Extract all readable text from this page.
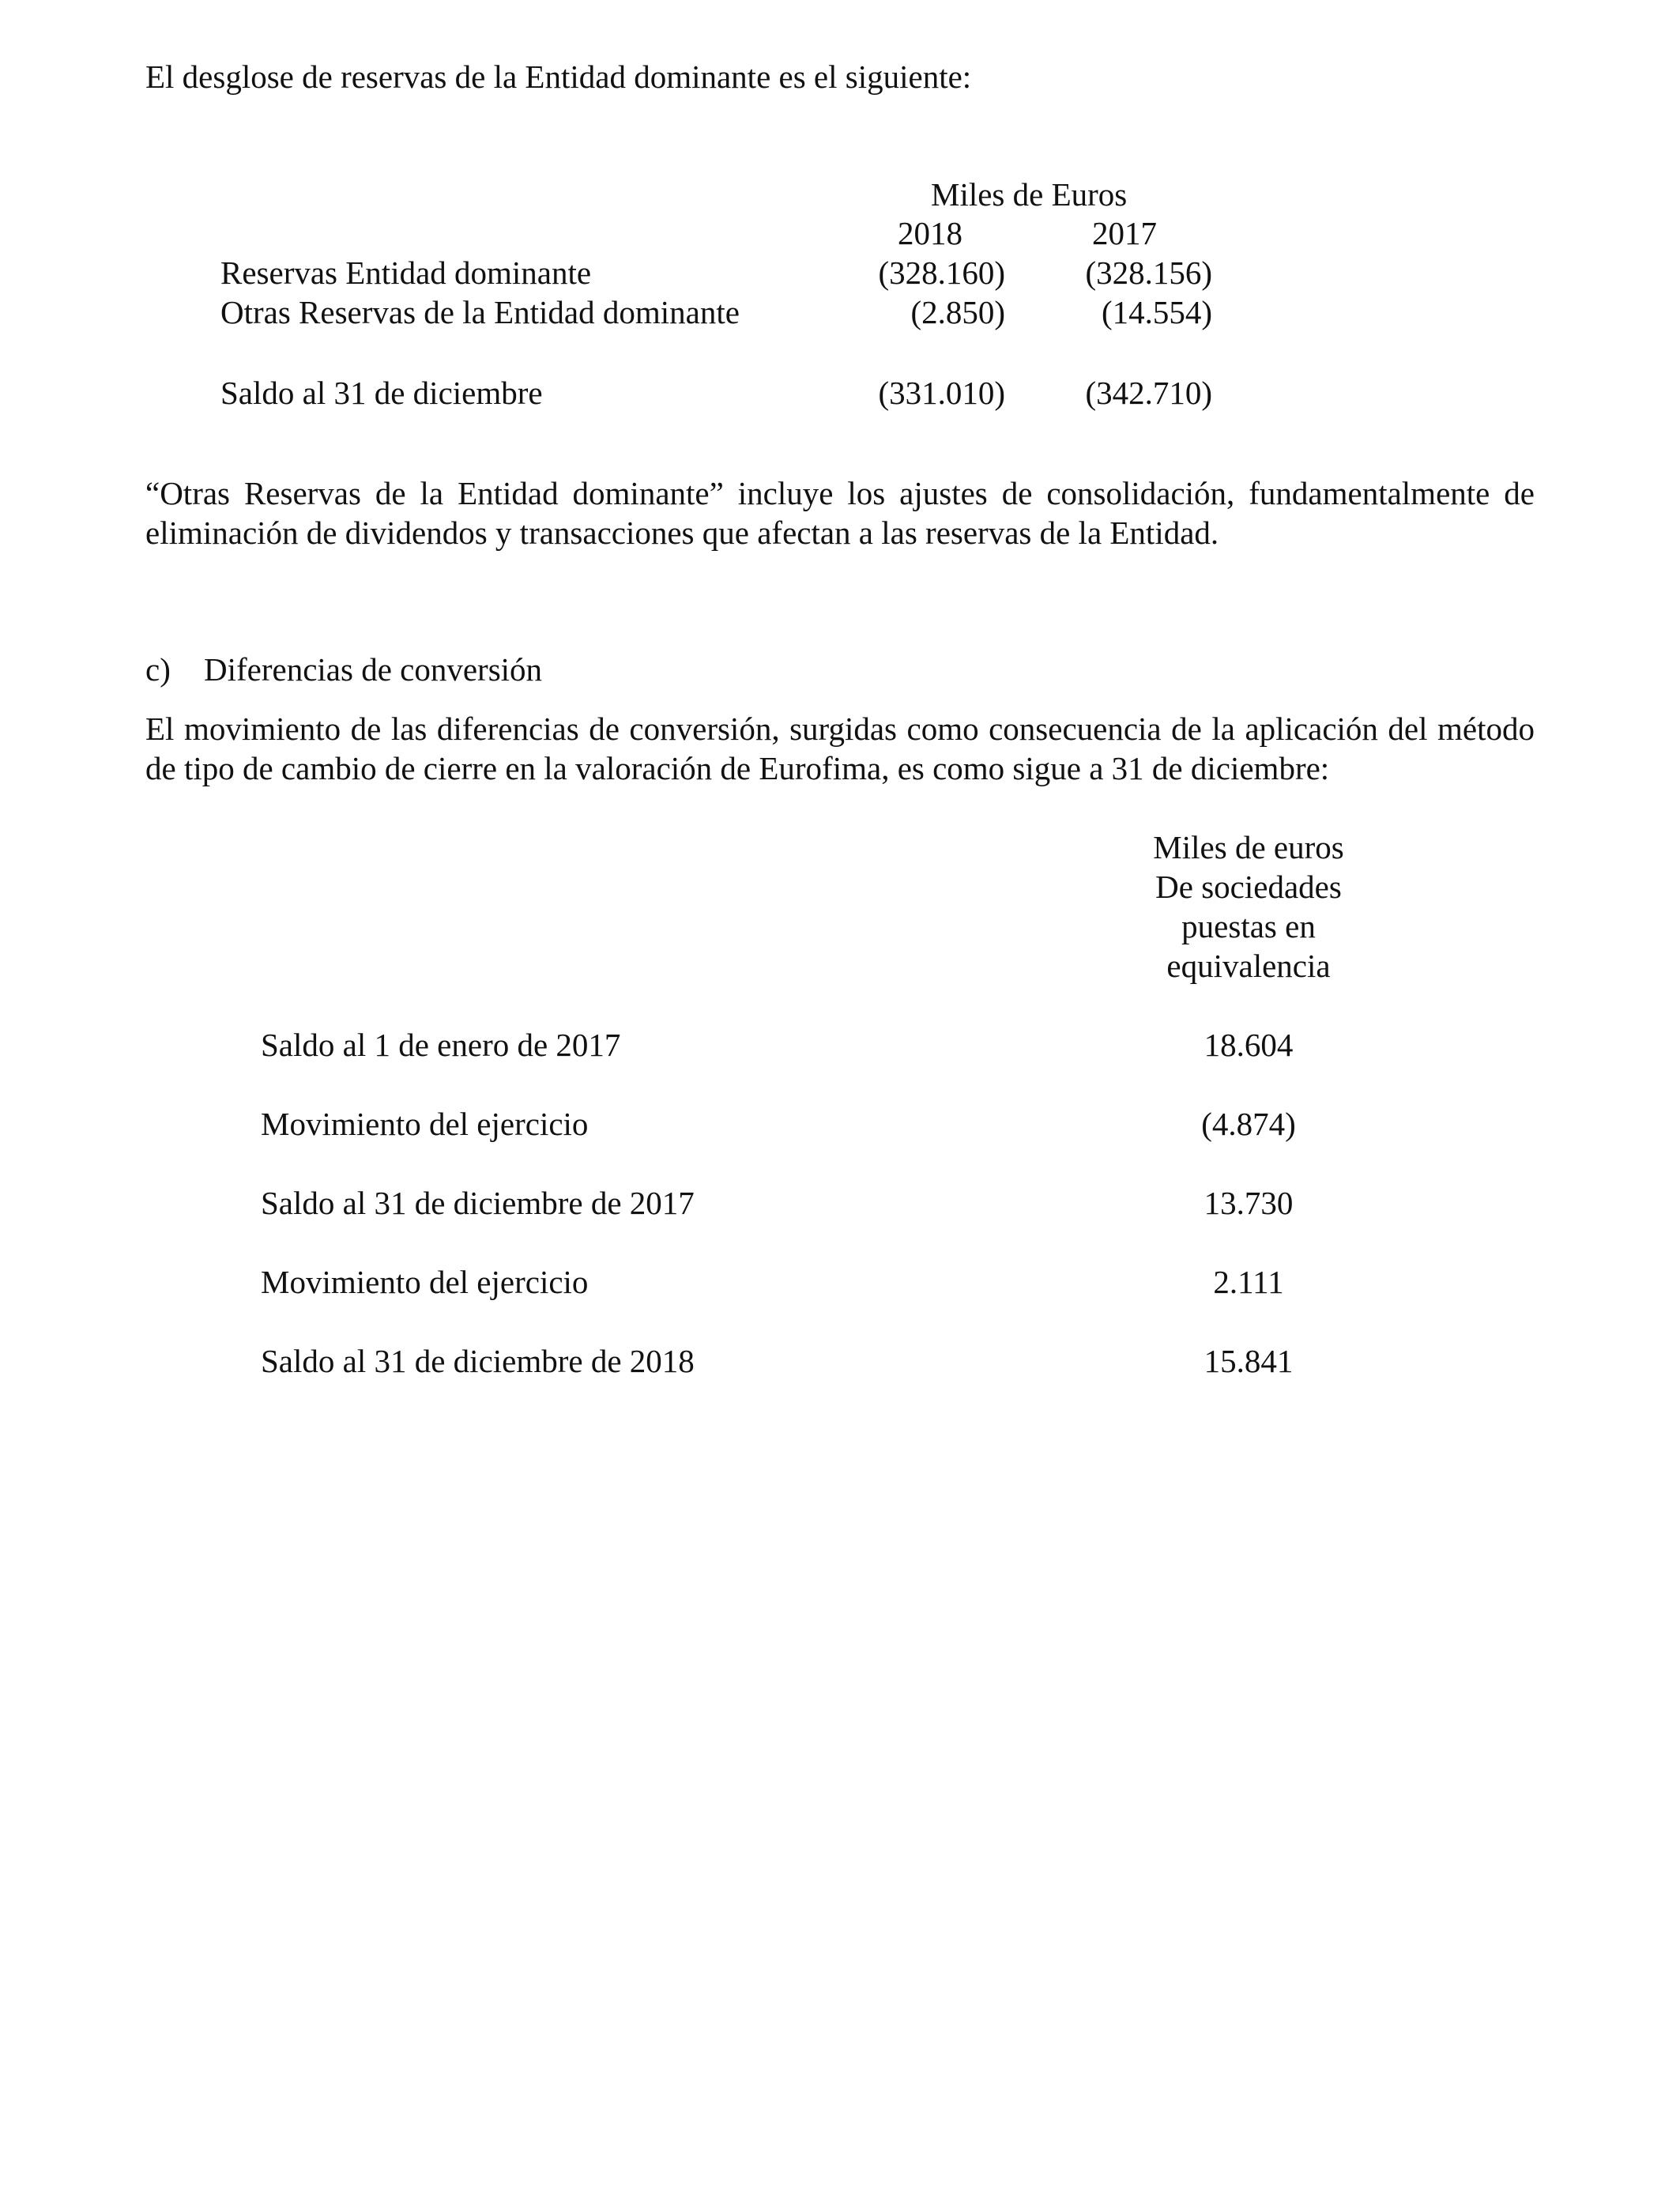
El desglose de reservas de la Entidad dominante es el siguiente:
Miles de Euros
2018	2017
Reservas Entidad dominante	(328.160) (328.156)
Otras Reservas de la Entidad dominante	(2.850)	(14.554)
Saldo al 31 de diciembre	(331.010) (342.710)
“Otras Reservas de la Entidad dominante” incluye los ajustes de consolidación, fundamentalmente de eliminación de dividendos y transacciones que afectan a las reservas de la Entidad.
c) Diferencias de conversión
El movimiento de las diferencias de conversión, surgidas como consecuencia de la aplicación del método de tipo de cambio de cierre en la valoración de Eurofima, es como sigue a 31 de diciembre:
Miles de euros
De sociedades
puestas en
equivalencia
Saldo al 1 de enero de 2017	18.604
Movimiento del ejercicio	(4.874)
Saldo al 31 de diciembre de 2017	13.730
Movimiento del ejercicio	2.111
Saldo al 31 de diciembre de 2018	15.841
